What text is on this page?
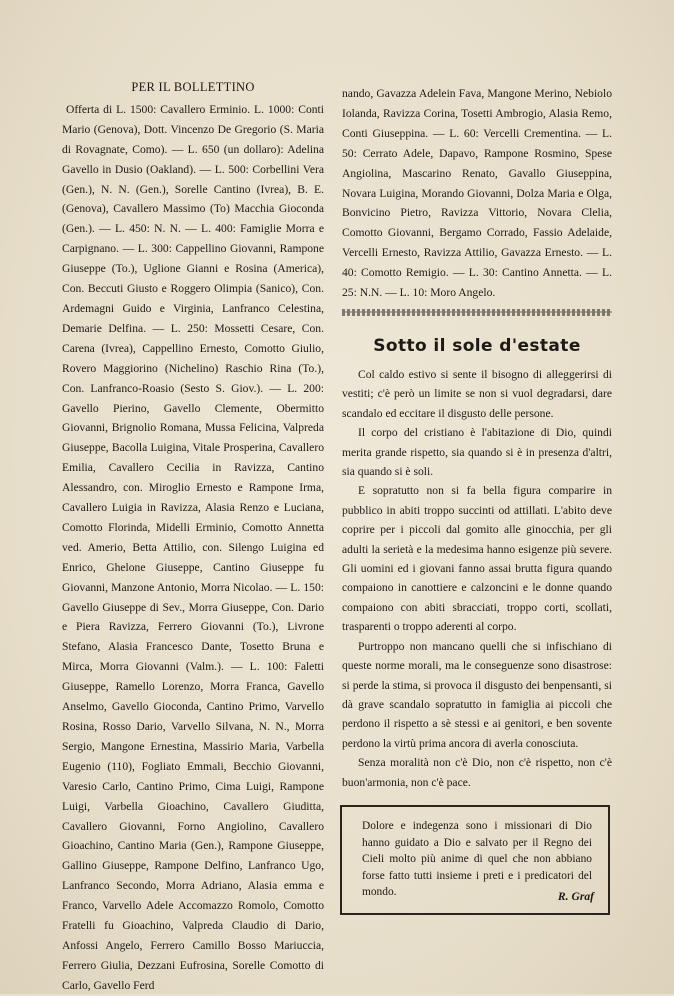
PER IL BOLLETTINO

Offerta di L. 1500: Cavallero Erminio. L. 1000: Conti Mario (Genova), Dott. Vincenzo De Gregorio (S. Maria di Rovagnate, Como). — L. 650 (un dollaro): Adelina Gavello in Dusio (Oakland). — L. 500: Corbellini Vera (Gen.), N. N. (Gen.), Sorelle Cantino (Ivrea), B. E. (Genova), Cavallero Massimo (To) Macchia Gioconda (Gen.). — L. 450: N. N. — L. 400: Famiglie Morra e Carpignano. — L. 300: Cappellino Giovanni, Rampone Giuseppe (To.), Uglione Gianni e Rosina (America), Con. Beccuti Giusto e Roggero Olimpia (Sanico), Con. Ardemagni Guido e Virginia, Lanfranco Celestina, Demarie Delfina. — L. 250: Mossetti Cesare, Con. Carena (Ivrea), Cappellino Ernesto, Comotto Giulio, Rovero Maggiorino (Nichelino) Raschio Rina (To.), Con. Lanfranco-Roasio (Sesto S. Giov.). — L. 200: Gavello Pierino, Gavello Clemente, Obermitto Giovanni, Brignolio Romana, Mussa Felicina, Valpreda Giuseppe, Bacolla Luigina, Vitale Prosperina, Cavallero Emilia, Cavallero Cecilia in Ravizza, Cantino Alessandro, con. Miroglio Ernesto e Rampone Irma, Cavallero Luigia in Ravizza, Alasia Renzo e Luciana, Comotto Florinda, Midelli Erminio, Comotto Annetta ved. Amerio, Betta Attilio, con. Silengo Luigina ed Enrico, Ghelone Giuseppe, Cantino Giuseppe fu Giovanni, Manzone Antonio, Morra Nicolao. — L. 150: Gavello Giuseppe di Sev., Morra Giuseppe, Con. Dario e Piera Ravizza, Ferrero Giovanni (To.), Livrone Stefano, Alasia Francesco Dante, Tosetto Bruna e Mirca, Morra Giovanni (Valm.). — L. 100: Faletti Giuseppe, Ramello Lorenzo, Morra Franca, Gavello Anselmo, Gavello Gioconda, Cantino Primo, Varvello Rosina, Rosso Dario, Varvello Silvana, N. N., Morra Sergio, Mangone Ernestina, Massirio Maria, Varbella Eugenio (110), Fogliato Emmali, Becchio Giovanni, Varesio Carlo, Cantino Primo, Cima Luigi, Rampone Luigi, Varbella Gioachino, Cavallero Giuditta, Cavallero Giovanni, Forno Angiolino, Cavallero Gioachino, Cantino Maria (Gen.), Rampone Giuseppe, Gallino Giuseppe, Rampone Delfino, Lanfranco Ugo, Lanfranco Secondo, Morra Adriano, Alasia emma e Franco, Varvello Adele Accomazzo Romolo, Comotto Fratelli fu Gioachino, Valpreda Claudio di Dario, Anfossi Angelo, Ferrero Camillo Bosso Mariuccia, Ferrero Giulia, Dezzani Eufrosina, Sorelle Comotto di Carlo, Gavello Ferd

nando, Gavazza Adelein Fava, Mangone Merino, Nebiolo Iolanda, Ravizza Corina, Tosetti Ambrogio, Alasia Remo, Conti Giuseppina. — L. 60: Vercelli Crementina. — L. 50: Cerrato Adele, Dapavo, Rampone Rosmino, Spese Angiolina, Mascarino Renato, Gavallo Giuseppina, Novara Luigina, Morando Giovanni, Dolza Maria e Olga, Bonvicino Pietro, Ravizza Vittorio, Novara Clelia, Comotto Giovanni, Bergamo Corrado, Fassio Adelaide, Vercelli Ernesto, Ravizza Attilio, Gavazza Ernesto. — L. 40: Comotto Remigio. — L. 30: Cantino Annetta. — L. 25: N.N. — L. 10: Moro Angelo.

Sotto il sole d'estate

Col caldo estivo si sente il bisogno di alleggerirsi di vestiti; c'è però un limite se non si vuol degradarsi, dare scandalo ed eccitare il disgusto delle persone.

Il corpo del cristiano è l'abitazione di Dio, quindi merita grande rispetto, sia quando si è in presenza d'altri, sia quando si è soli.

E sopratutto non si fa bella figura comparire in pubblico in abiti troppo succinti od attillati. L'abito deve coprire per i piccoli dal gomito alle ginocchia, per gli adulti la serietà e la medesima hanno esigenze più severe. Gli uomini ed i giovani fanno assai brutta figura quando compaiono in canottiere e calzoncini e le donne quando compaiono con abiti sbracciati, troppo corti, scollati, trasparenti o troppo aderenti al corpo.

Purtroppo non mancano quelli che si infischiano di queste norme morali, ma le conseguenze sono disastrose: si perde la stima, si provoca il disgusto dei benpensanti, si dà grave scandalo sopratutto in famiglia ai piccoli che perdono il rispetto a sè stessi e ai genitori, e ben sovente perdono la virtù prima ancora di averla conosciuta.

Senza moralità non c'è Dio, non c'è rispetto, non c'è buon'armonia, non c'è pace.

Dolore e indegenza sono i missionari di Dio hanno guidato a Dio e salvato per il Regno dei Cieli molto più anime di quel che non abbiano forse fatto tutti insieme i preti e i predicatori del mondo.	R. Graf
